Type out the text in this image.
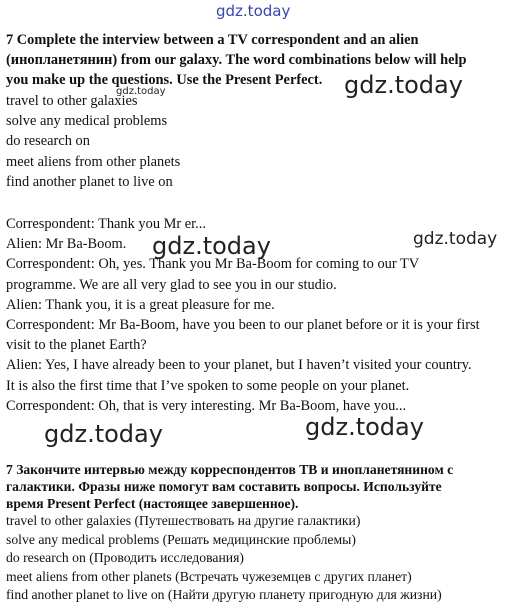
7 Complete the interview between a TV correspondent and an alien
(инопланетянин) from our galaxy. The word combinations below will help
you make up the questions. Use the Present Perfect.
travel to other galaxies
solve any medical problems
do research on
meet aliens from other planets
find another planet to live on
Correspondent: Thank you Mr er...
Alien: Mr Ba-Boom.
Correspondent: Oh, yes. Thank you Mr Ba-Boom for coming to our TV
programme. We are all very glad to see you in our studio.
Alien: Thank you, it is a great pleasure for me.
Correspondent: Mr Ba-Boom, have you been to our planet before or it is your first
visit to the planet Earth?
Alien: Yes, I have already been to your planet, but I haven’t visited your country.
It is also the first time that I’ve spoken to some people on your planet.
Correspondent: Oh, that is very interesting. Mr Ba-Boom, have you...
7 Закончите интервью между корреспондентов ТВ и инопланетянином с
галактики. Фразы ниже помогут вам составить вопросы. Используйте
время Present Perfect (настоящее завершенное).
travel to other galaxies (Путешествовать на другие галактики)
solve any medical problems (Решать медицинские проблемы)
do research on (Проводить исследования)
meet aliens from other planets (Встречать чужеземцев с других планет)
find another planet to live on (Найти другую планету пригодную для жизни)
gdz.today
gdz.today	gdz.today
gdz.today	gdz.today
gdz.today
gdz.today
